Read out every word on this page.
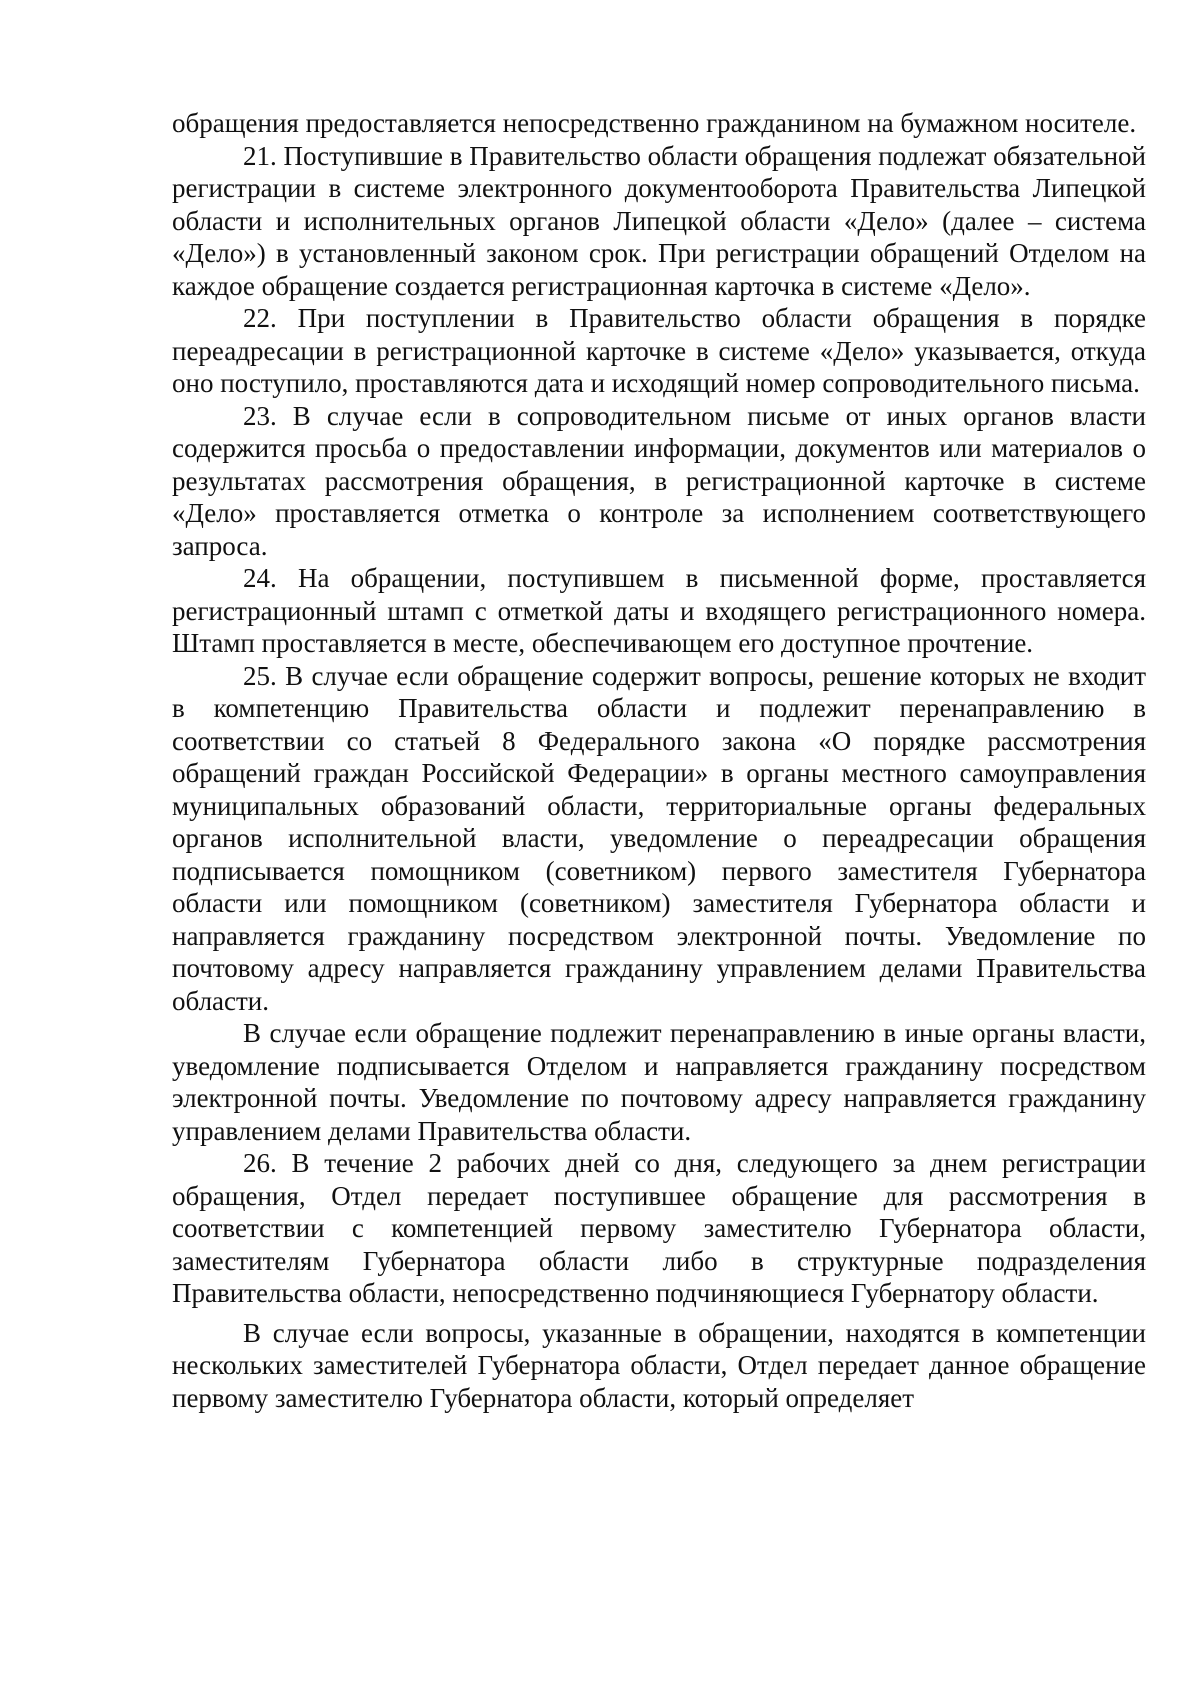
обращения предоставляется непосредственно гражданином на бумажном носителе.

21. Поступившие в Правительство области обращения подлежат обязательной регистрации в системе электронного документооборота Правительства Липецкой области и исполнительных органов Липецкой области «Дело» (далее – система «Дело») в установленный законом срок. При регистрации обращений Отделом на каждое обращение создается регистрационная карточка в системе «Дело».

22. При поступлении в Правительство области обращения в порядке переадресации в регистрационной карточке в системе «Дело» указывается, откуда оно поступило, проставляются дата и исходящий номер сопроводительного письма.

23. В случае если в сопроводительном письме от иных органов власти содержится просьба о предоставлении информации, документов или материалов о результатах рассмотрения обращения, в регистрационной карточке в системе «Дело» проставляется отметка о контроле за исполнением соответствующего запроса.

24. На обращении, поступившем в письменной форме, проставляется регистрационный штамп с отметкой даты и входящего регистрационного номера. Штамп проставляется в месте, обеспечивающем его доступное прочтение.

25. В случае если обращение содержит вопросы, решение которых не входит в компетенцию Правительства области и подлежит перенаправлению в соответствии со статьей 8 Федерального закона «О порядке рассмотрения обращений граждан Российской Федерации» в органы местного самоуправления муниципальных образований области, территориальные органы федеральных органов исполнительной власти, уведомление о переадресации обращения подписывается помощником (советником) первого заместителя Губернатора области или помощником (советником) заместителя Губернатора области и направляется гражданину посредством электронной почты. Уведомление по почтовому адресу направляется гражданину управлением делами Правительства области.

В случае если обращение подлежит перенаправлению в иные органы власти, уведомление подписывается Отделом и направляется гражданину посредством электронной почты. Уведомление по почтовому адресу направляется гражданину управлением делами Правительства области.

26. В течение 2 рабочих дней со дня, следующего за днем регистрации обращения, Отдел передает поступившее обращение для рассмотрения в соответствии с компетенцией первому заместителю Губернатора области, заместителям Губернатора области либо в структурные подразделения Правительства области, непосредственно подчиняющиеся Губернатору области.

В случае если вопросы, указанные в обращении, находятся в компетенции нескольких заместителей Губернатора области, Отдел передает данное обращение первому заместителю Губернатора области, который определяет
